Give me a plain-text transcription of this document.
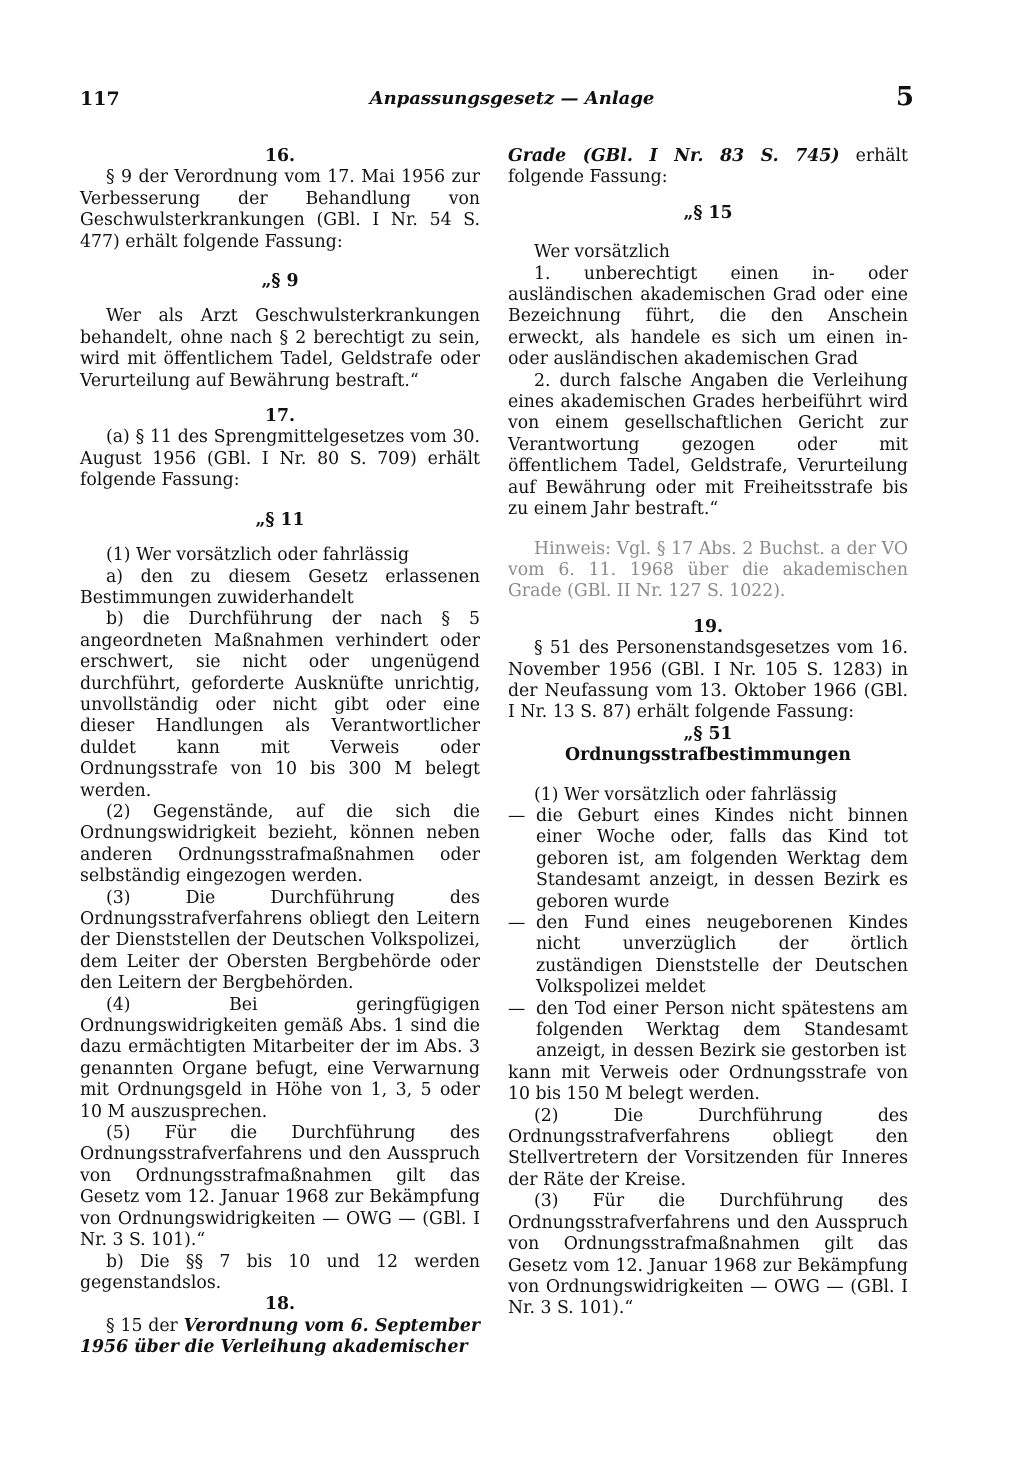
117	Anpassungsgesetz — Anlage	5

16.

§ 9 der Verordnung vom 17. Mai 1956 zur Verbesserung der Behandlung von Geschwulsterkrankungen (GBl. I Nr. 54 S. 477) erhält folgende Fassung:

„§ 9

Wer als Arzt Geschwulsterkrankungen behandelt, ohne nach § 2 berechtigt zu sein, wird mit öffentlichem Tadel, Geldstrafe oder Verurteilung auf Bewährung bestraft.“

17.

(a) § 11 des Sprengmittelgesetzes vom 30. August 1956 (GBl. I Nr. 80 S. 709) erhält folgende Fassung:

„§ 11

(1) Wer vorsätzlich oder fahrlässig

a) den zu diesem Gesetz erlassenen Bestimmungen zuwiderhandelt

b) die Durchführung der nach § 5 angeordneten Maßnahmen verhindert oder erschwert, sie nicht oder ungenügend durchführt, geforderte Ausknüfte unrichtig, unvollständig oder nicht gibt oder eine dieser Handlungen als Verantwortlicher duldet kann mit Verweis oder Ordnungsstrafe von 10 bis 300 M belegt werden.

(2) Gegenstände, auf die sich die Ordnungswidrigkeit bezieht, können neben anderen Ordnungsstrafmaßnahmen oder selbständig eingezogen werden.

(3) Die Durchführung des Ordnungsstrafverfahrens obliegt den Leitern der Dienststellen der Deutschen Volkspolizei, dem Leiter der Obersten Bergbehörde oder den Leitern der Bergbehörden.

(4) Bei geringfügigen Ordnungswidrigkeiten gemäß Abs. 1 sind die dazu ermächtigten Mitarbeiter der im Abs. 3 genannten Organe befugt, eine Verwarnung mit Ordnungsgeld in Höhe von 1, 3, 5 oder 10 M auszusprechen.

(5) Für die Durchführung des Ordnungsstrafverfahrens und den Ausspruch von Ordnungsstrafmaßnahmen gilt das Gesetz vom 12. Januar 1968 zur Bekämpfung von Ordnungswidrigkeiten — OWG — (GBl. I Nr. 3 S. 101).“

b) Die §§ 7 bis 10 und 12 werden gegenstandslos.

18.

§ 15 der Verordnung vom 6. September 1956 über die Verleihung akademischer

Grade (GBl. I Nr. 83 S. 745) erhält folgende Fassung:

„§ 15

Wer vorsätzlich

1. unberechtigt einen in- oder ausländischen akademischen Grad oder eine Bezeichnung führt, die den Anschein erweckt, als handele es sich um einen in- oder ausländischen akademischen Grad

2. durch falsche Angaben die Verleihung eines akademischen Grades herbeiführt wird von einem gesellschaftlichen Gericht zur Verantwortung gezogen oder mit öffentlichem Tadel, Geldstrafe, Verurteilung auf Bewährung oder mit Freiheitsstrafe bis zu einem Jahr bestraft.“

Hinweis: Vgl. § 17 Abs. 2 Buchst. a der VO vom 6. 11. 1968 über die akademischen Grade (GBl. II Nr. 127 S. 1022).

19.

§ 51 des Personenstandsgesetzes vom 16. November 1956 (GBl. I Nr. 105 S. 1283) in der Neufassung vom 13. Oktober 1966 (GBl. I Nr. 13 S. 87) erhält folgende Fassung:

„§ 51

Ordnungsstrafbestimmungen

(1) Wer vorsätzlich oder fahrlässig

— die Geburt eines Kindes nicht binnen einer Woche oder, falls das Kind tot geboren ist, am folgenden Werktag dem Standesamt anzeigt, in dessen Bezirk es geboren wurde
— den Fund eines neugeborenen Kindes nicht unverzüglich der örtlich zuständigen Dienststelle der Deutschen Volkspolizei meldet
— den Tod einer Person nicht spätestens am folgenden Werktag dem Standesamt anzeigt, in dessen Bezirk sie gestorben ist

kann mit Verweis oder Ordnungsstrafe von 10 bis 150 M belegt werden.

(2) Die Durchführung des Ordnungsstrafverfahrens obliegt den Stellvertretern der Vorsitzenden für Inneres der Räte der Kreise.

(3) Für die Durchführung des Ordnungsstrafverfahrens und den Ausspruch von Ordnungsstrafmaßnahmen gilt das Gesetz vom 12. Januar 1968 zur Bekämpfung von Ordnungswidrigkeiten — OWG — (GBl. I Nr. 3 S. 101).“
